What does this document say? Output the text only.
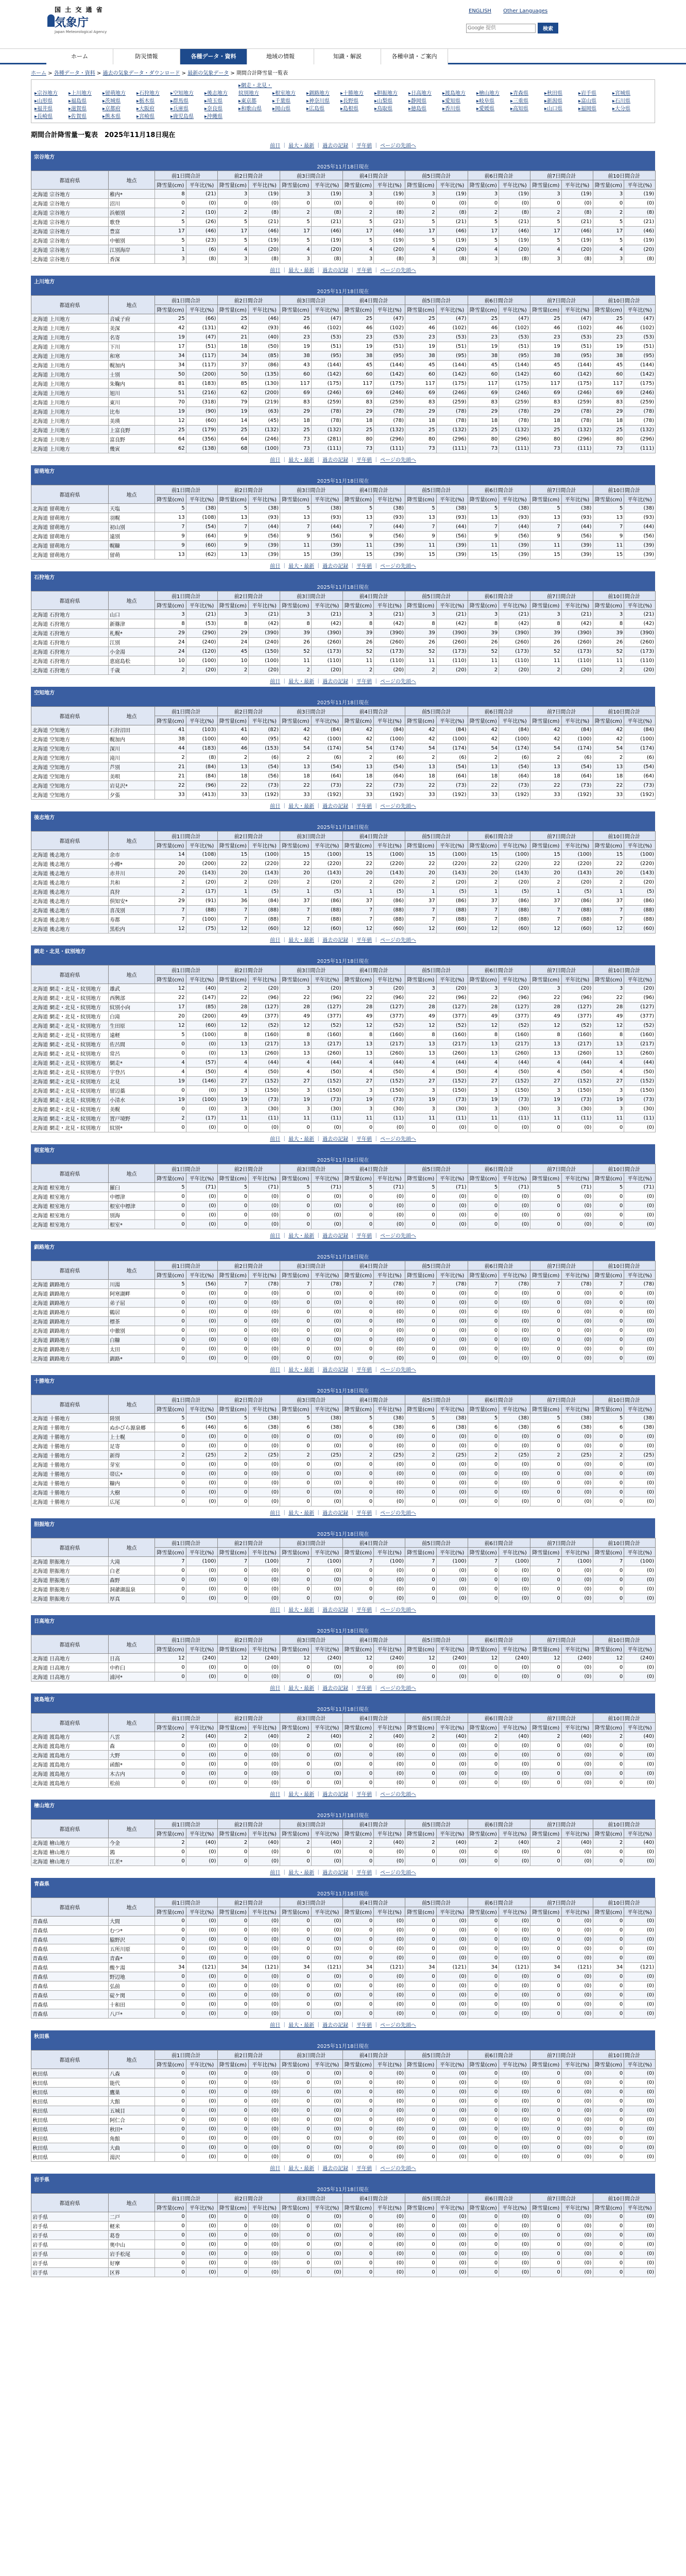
国 土 交 通 省
気象庁
Japan Meteorological Agency
ENGLISH Other Languages
Google 提供
検索
ホーム	防災情報	各種データ・資料	地域の情報	知識・解説	各種申請・ご案内
ホーム > 各種データ・資料 > 過去の気象データ・ダウンロード > 最新の気象データ > 期間合計降雪量一覧表
▸宗谷地方 ▸上川地方 ▸留萌地方 ▸石狩地方 ▸空知地方 ▸後志地方▸網走・北見・紋別地方	▸根室地方 ▸釧路地方 ▸十勝地方 ▸胆振地方 ▸日高地方 ▸渡島地方 ▸檜山地方 ▸青森県	▸秋田県	▸岩手県	▸宮城県▸山形県	▸福島県	▸茨城県	▸栃木県	▸群馬県	▸埼玉県	▸東京都	▸千葉県	▸神奈川県 ▸長野県	▸山梨県	▸静岡県	▸愛知県	▸岐阜県	▸三重県	▸新潟県	▸富山県	▸石川県▸福井県	▸滋賀県	▸京都府	▸大阪府	▸兵庫県	▸奈良県	▸和歌山県 ▸岡山県	▸広島県	▸島根県	▸鳥取県	▸徳島県	▸香川県	▸愛媛県	▸高知県	▸山口県	▸福岡県	▸大分県▸長崎県	▸佐賀県	▸熊本県	▸宮崎県	▸鹿児島県 ▸沖縄県
期間合計降雪量一覧表　2025年11月18日現在
前日 ｜ 最大・最新 ｜ 過去の記録 ｜ 平年値 ｜ ページの先頭へ
宗谷地方
2025年11月18日現在
都道府県	地点	前1日間合計		前2日間合計		前3日間合計		前4日間合計		前5日間合計		前6日間合計		前7日間合計		前10日間合計	
		降雪量(cm)	平年比(%)	降雪量(cm)	平年比(%)	降雪量(cm)	平年比(%)	降雪量(cm)	平年比(%)	降雪量(cm)	平年比(%)	降雪量(cm)	平年比(%)	降雪量(cm)	平年比(%)	降雪量(cm)	平年比(%)
北海道 宗谷地方	稚内*	8	(21)	3	(19)	3	(19)	3	(19)	3	(19)	3	(19)	3	(19)	3	(19)
北海道 宗谷地方	沼川	0	(0)	0	(0)	0	(0)	0	(0)	0	(0)	0	(0)	0	(0)	0	(0)
北海道 宗谷地方	浜頓別	2	(10)	2	(8)	2	(8)	2	(8)	2	(8)	2	(8)	2	(8)	2	(8)
北海道 宗谷地方	歌登	5	(26)	5	(21)	5	(21)	5	(21)	5	(21)	5	(21)	5	(21)	5	(21)
北海道 宗谷地方	豊富	17	(46)	17	(46)	17	(46)	17	(46)	17	(46)	17	(46)	17	(46)	17	(46)
北海道 宗谷地方	中頓別	5	(23)	5	(19)	5	(19)	5	(19)	5	(19)	5	(19)	5	(19)	5	(19)
北海道 宗谷地方	江別海岸	1	(6)	4	(20)	4	(20)	4	(20)	4	(20)	4	(20)	4	(20)	4	(20)
北海道 宗谷地方	香深	3	(8)	3	(8)	3	(8)	3	(8)	3	(8)	3	(8)	3	(8)	3	(8)
前日 ｜ 最大・最新 ｜ 過去の記録 ｜ 平年値 ｜ ページの先頭へ
上川地方
2025年11月18日現在
都道府県	地点	前1日間合計		前2日間合計		前3日間合計		前4日間合計		前5日間合計		前6日間合計		前7日間合計		前10日間合計	
		降雪量(cm)	平年比(%)	降雪量(cm)	平年比(%)	降雪量(cm)	平年比(%)	降雪量(cm)	平年比(%)	降雪量(cm)	平年比(%)	降雪量(cm)	平年比(%)	降雪量(cm)	平年比(%)	降雪量(cm)	平年比(%)
北海道 上川地方	音威子府	25	(66)	25	(46)	25	(47)	25	(47)	25	(47)	25	(47)	25	(47)	25	(47)
北海道 上川地方	美深	42	(131)	42	(93)	46	(102)	46	(102)	46	(102)	46	(102)	46	(102)	46	(102)
北海道 上川地方	名寄	19	(47)	21	(40)	23	(53)	23	(53)	23	(53)	23	(53)	23	(53)	23	(53)
北海道 上川地方	下川	17	(51)	18	(50)	19	(51)	19	(51)	19	(51)	19	(51)	19	(51)	19	(51)
北海道 上川地方	和寒	34	(117)	34	(85)	38	(95)	38	(95)	38	(95)	38	(95)	38	(95)	38	(95)
北海道 上川地方	幌加内	34	(117)	37	(86)	43	(144)	45	(144)	45	(144)	45	(144)	45	(144)	45	(144)
北海道 上川地方	士別	50	(200)	50	(135)	60	(142)	60	(142)	60	(142)	60	(142)	60	(142)	60	(142)
北海道 上川地方	朱鞠内	81	(183)	85	(130)	117	(175)	117	(175)	117	(175)	117	(175)	117	(175)	117	(175)
北海道 上川地方	旭川	51	(216)	62	(200)	69	(246)	69	(246)	69	(246)	69	(246)	69	(246)	69	(246)
北海道 上川地方	東川	70	(318)	79	(219)	83	(259)	83	(259)	83	(259)	83	(259)	83	(259)	83	(259)
北海道 上川地方	比布	19	(90)	19	(63)	29	(78)	29	(78)	29	(78)	29	(78)	29	(78)	29	(78)
北海道 上川地方	美瑛	12	(60)	14	(45)	18	(78)	18	(78)	18	(78)	18	(78)	18	(78)	18	(78)
北海道 上川地方	上富良野	25	(179)	25	(132)	25	(132)	25	(132)	25	(132)	25	(132)	25	(132)	25	(132)
北海道 上川地方	富良野	64	(356)	64	(246)	73	(281)	80	(296)	80	(296)	80	(296)	80	(296)	80	(296)
北海道 上川地方	幾寅	62	(138)	68	(100)	73	(111)	73	(111)	73	(111)	73	(111)	73	(111)	73	(111)
前日 ｜ 最大・最新 ｜ 過去の記録 ｜ 平年値 ｜ ページの先頭へ
留萌地方
2025年11月18日現在
都道府県	地点	前1日間合計		前2日間合計		前3日間合計		前4日間合計		前5日間合計		前6日間合計		前7日間合計		前10日間合計	
		降雪量(cm)	平年比(%)	降雪量(cm)	平年比(%)	降雪量(cm)	平年比(%)	降雪量(cm)	平年比(%)	降雪量(cm)	平年比(%)	降雪量(cm)	平年比(%)	降雪量(cm)	平年比(%)	降雪量(cm)	平年比(%)
北海道 留萌地方	天塩	5	(38)	5	(38)	5	(38)	5	(38)	5	(38)	5	(38)	5	(38)	5	(38)
北海道 留萌地方	羽幌	13	(108)	13	(93)	13	(93)	13	(93)	13	(93)	13	(93)	13	(93)	13	(93)
北海道 留萌地方	初山別	7	(54)	7	(44)	7	(44)	7	(44)	7	(44)	7	(44)	7	(44)	7	(44)
北海道 留萌地方	遠別	9	(64)	9	(56)	9	(56)	9	(56)	9	(56)	9	(56)	9	(56)	9	(56)
北海道 留萌地方	幌糠	9	(60)	9	(39)	11	(39)	11	(39)	11	(39)	11	(39)	11	(39)	11	(39)
北海道 留萌地方	留萌	13	(62)	13	(39)	15	(39)	15	(39)	15	(39)	15	(39)	15	(39)	15	(39)
前日 ｜ 最大・最新 ｜ 過去の記録 ｜ 平年値 ｜ ページの先頭へ
石狩地方
2025年11月18日現在
都道府県	地点	前1日間合計		前2日間合計		前3日間合計		前4日間合計		前5日間合計		前6日間合計		前7日間合計		前10日間合計	
		降雪量(cm)	平年比(%)	降雪量(cm)	平年比(%)	降雪量(cm)	平年比(%)	降雪量(cm)	平年比(%)	降雪量(cm)	平年比(%)	降雪量(cm)	平年比(%)	降雪量(cm)	平年比(%)	降雪量(cm)	平年比(%)
北海道 石狩地方	山口	3	(21)	3	(21)	3	(21)	3	(21)	3	(21)	3	(21)	3	(21)	3	(21)
北海道 石狩地方	新篠津	8	(53)	8	(42)	8	(42)	8	(42)	8	(42)	8	(42)	8	(42)	8	(42)
北海道 石狩地方	札幌*	29	(290)	29	(390)	39	(390)	39	(390)	39	(390)	39	(390)	39	(390)	39	(390)
北海道 石狩地方	江別	24	(240)	24	(240)	26	(260)	26	(260)	26	(260)	26	(260)	26	(260)	26	(260)
北海道 石狩地方	小金湯	24	(120)	45	(150)	52	(173)	52	(173)	52	(173)	52	(173)	52	(173)	52	(173)
北海道 石狩地方	恵庭島松	10	(100)	10	(100)	11	(110)	11	(110)	11	(110)	11	(110)	11	(110)	11	(110)
北海道 石狩地方	千歳	2	(20)	2	(20)	2	(20)	2	(20)	2	(20)	2	(20)	2	(20)	2	(20)
前日 ｜ 最大・最新 ｜ 過去の記録 ｜ 平年値 ｜ ページの先頭へ
空知地方
2025年11月18日現在
都道府県	地点	前1日間合計		前2日間合計		前3日間合計		前4日間合計		前5日間合計		前6日間合計		前7日間合計		前10日間合計	
		降雪量(cm)	平年比(%)	降雪量(cm)	平年比(%)	降雪量(cm)	平年比(%)	降雪量(cm)	平年比(%)	降雪量(cm)	平年比(%)	降雪量(cm)	平年比(%)	降雪量(cm)	平年比(%)	降雪量(cm)	平年比(%)
北海道 空知地方	石狩沼田	41	(103)	41	(82)	42	(84)	42	(84)	42	(84)	42	(84)	42	(84)	42	(84)
北海道 空知地方	幌加内	38	(100)	40	(95)	42	(100)	42	(100)	42	(100)	42	(100)	42	(100)	42	(100)
北海道 空知地方	深川	44	(183)	46	(153)	54	(174)	54	(174)	54	(174)	54	(174)	54	(174)	54	(174)
北海道 空知地方	滝川	2	(8)	2	(6)	2	(6)	2	(6)	2	(6)	2	(6)	2	(6)	2	(6)
北海道 空知地方	芦別	21	(84)	13	(54)	13	(54)	13	(54)	13	(54)	13	(54)	13	(54)	13	(54)
北海道 空知地方	美唄	21	(84)	18	(56)	18	(64)	18	(64)	18	(64)	18	(64)	18	(64)	18	(64)
北海道 空知地方	岩見沢*	22	(96)	22	(73)	22	(73)	22	(73)	22	(73)	22	(73)	22	(73)	22	(73)
北海道 空知地方	夕張	33	(413)	33	(192)	33	(192)	33	(192)	33	(192)	33	(192)	33	(192)	33	(192)
前日 ｜ 最大・最新 ｜ 過去の記録 ｜ 平年値 ｜ ページの先頭へ
後志地方
2025年11月18日現在
都道府県	地点	前1日間合計		前2日間合計		前3日間合計		前4日間合計		前5日間合計		前6日間合計		前7日間合計		前10日間合計	
		降雪量(cm)	平年比(%)	降雪量(cm)	平年比(%)	降雪量(cm)	平年比(%)	降雪量(cm)	平年比(%)	降雪量(cm)	平年比(%)	降雪量(cm)	平年比(%)	降雪量(cm)	平年比(%)	降雪量(cm)	平年比(%)
北海道 後志地方	余市	14	(108)	15	(100)	15	(100)	15	(100)	15	(100)	15	(100)	15	(100)	15	(100)
北海道 後志地方	小樽*	20	(200)	22	(220)	22	(220)	22	(220)	22	(220)	22	(220)	22	(220)	22	(220)
北海道 後志地方	赤井川	20	(143)	20	(143)	20	(143)	20	(143)	20	(143)	20	(143)	20	(143)	20	(143)
北海道 後志地方	共和	2	(20)	2	(20)	2	(20)	2	(20)	2	(20)	2	(20)	2	(20)	2	(20)
北海道 後志地方	真狩	2	(17)	1	(5)	1	(5)	1	(5)	1	(5)	1	(5)	1	(5)	1	(5)
北海道 後志地方	倶知安*	29	(91)	36	(84)	37	(86)	37	(86)	37	(86)	37	(86)	37	(86)	37	(86)
北海道 後志地方	喜茂別	7	(88)	7	(88)	7	(88)	7	(88)	7	(88)	7	(88)	7	(88)	7	(88)
北海道 後志地方	寿都	7	(100)	7	(88)	7	(88)	7	(88)	7	(88)	7	(88)	7	(88)	7	(88)
北海道 後志地方	黒松内	12	(75)	12	(60)	12	(60)	12	(60)	12	(60)	12	(60)	12	(60)	12	(60)
前日 ｜ 最大・最新 ｜ 過去の記録 ｜ 平年値 ｜ ページの先頭へ
網走・北見・紋別地方
2025年11月18日現在
都道府県	地点	前1日間合計		前2日間合計		前3日間合計		前4日間合計		前5日間合計		前6日間合計		前7日間合計		前10日間合計	
		降雪量(cm)	平年比(%)	降雪量(cm)	平年比(%)	降雪量(cm)	平年比(%)	降雪量(cm)	平年比(%)	降雪量(cm)	平年比(%)	降雪量(cm)	平年比(%)	降雪量(cm)	平年比(%)	降雪量(cm)	平年比(%)
北海道 網走・北見・紋別地方	雄武	12	(40)	2	(20)	3	(20)	3	(20)	3	(20)	3	(20)	3	(20)	3	(20)
北海道 網走・北見・紋別地方	西興部	22	(147)	22	(96)	22	(96)	22	(96)	22	(96)	22	(96)	22	(96)	22	(96)
北海道 網走・北見・紋別地方	紋別小向	17	(85)	28	(127)	28	(127)	28	(127)	28	(127)	28	(127)	28	(127)	28	(127)
北海道 網走・北見・紋別地方	白滝	20	(200)	49	(377)	49	(377)	49	(377)	49	(377)	49	(377)	49	(377)	49	(377)
北海道 網走・北見・紋別地方	生田原	12	(60)	12	(52)	12	(52)	12	(52)	12	(52)	12	(52)	12	(52)	12	(52)
北海道 網走・北見・紋別地方	遠軽	5	(100)	8	(160)	8	(160)	8	(160)	8	(160)	8	(160)	8	(160)	8	(160)
北海道 網走・北見・紋別地方	佐呂間	0	(0)	13	(217)	13	(217)	13	(217)	13	(217)	13	(217)	13	(217)	13	(217)
北海道 網走・北見・紋別地方	常呂	0	(0)	13	(260)	13	(260)	13	(260)	13	(260)	13	(260)	13	(260)	13	(260)
北海道 網走・北見・紋別地方	網走*	4	(57)	4	(44)	4	(44)	4	(44)	4	(44)	4	(44)	4	(44)	4	(44)
北海道 網走・北見・紋別地方	宇登呂	4	(50)	4	(50)	4	(50)	4	(50)	4	(50)	4	(50)	4	(50)	4	(50)
北海道 網走・北見・紋別地方	北見	19	(146)	27	(152)	27	(152)	27	(152)	27	(152)	27	(152)	27	(152)	27	(152)
北海道 網走・北見・紋別地方	留辺蘂	0	(0)	3	(150)	3	(150)	3	(150)	3	(150)	3	(150)	3	(150)	3	(150)
北海道 網走・北見・紋別地方	小清水	19	(100)	19	(73)	19	(73)	19	(73)	19	(73)	19	(73)	19	(73)	19	(73)
北海道 網走・北見・紋別地方	美幌	0	(0)	3	(30)	3	(30)	3	(30)	3	(30)	3	(30)	3	(30)	3	(30)
北海道 網走・北見・紋別地方	置戸境野	2	(17)	11	(11)	11	(11)	11	(11)	11	(11)	11	(11)	11	(11)	11	(11)
北海道 網走・北見・紋別地方	紋別*	0	(0)	0	(0)	0	(0)	0	(0)	0	(0)	0	(0)	0	(0)	0	(0)
前日 ｜ 最大・最新 ｜ 過去の記録 ｜ 平年値 ｜ ページの先頭へ
根室地方
2025年11月18日現在
都道府県	地点	前1日間合計		前2日間合計		前3日間合計		前4日間合計		前5日間合計		前6日間合計		前7日間合計		前10日間合計	
		降雪量(cm)	平年比(%)	降雪量(cm)	平年比(%)	降雪量(cm)	平年比(%)	降雪量(cm)	平年比(%)	降雪量(cm)	平年比(%)	降雪量(cm)	平年比(%)	降雪量(cm)	平年比(%)	降雪量(cm)	平年比(%)
北海道 根室地方	羅臼	5	(71)	5	(71)	5	(71)	5	(71)	5	(71)	5	(71)	5	(71)	5	(71)
北海道 根室地方	中標津	0	(0)	0	(0)	0	(0)	0	(0)	0	(0)	0	(0)	0	(0)	0	(0)
北海道 根室地方	根室中標津	0	(0)	0	(0)	0	(0)	0	(0)	0	(0)	0	(0)	0	(0)	0	(0)
北海道 根室地方	別海	0	(0)	0	(0)	0	(0)	0	(0)	0	(0)	0	(0)	0	(0)	0	(0)
北海道 根室地方	根室*	0	(0)	0	(0)	0	(0)	0	(0)	0	(0)	0	(0)	0	(0)	0	(0)
前日 ｜ 最大・最新 ｜ 過去の記録 ｜ 平年値 ｜ ページの先頭へ
釧路地方
2025年11月18日現在
都道府県	地点	前1日間合計		前2日間合計		前3日間合計		前4日間合計		前5日間合計		前6日間合計		前7日間合計		前10日間合計	
		降雪量(cm)	平年比(%)	降雪量(cm)	平年比(%)	降雪量(cm)	平年比(%)	降雪量(cm)	平年比(%)	降雪量(cm)	平年比(%)	降雪量(cm)	平年比(%)	降雪量(cm)	平年比(%)	降雪量(cm)	平年比(%)
北海道 釧路地方	川湯	5	(56)	7	(78)	7	(78)	7	(78)	7	(78)	7	(78)	7	(78)	7	(78)
北海道 釧路地方	阿寒湖畔	0	(0)	0	(0)	0	(0)	0	(0)	0	(0)	0	(0)	0	(0)	0	(0)
北海道 釧路地方	弟子屈	0	(0)	0	(0)	0	(0)	0	(0)	0	(0)	0	(0)	0	(0)	0	(0)
北海道 釧路地方	鶴居	0	(0)	0	(0)	0	(0)	0	(0)	0	(0)	0	(0)	0	(0)	0	(0)
北海道 釧路地方	標茶	0	(0)	0	(0)	0	(0)	0	(0)	0	(0)	0	(0)	0	(0)	0	(0)
北海道 釧路地方	中徹別	0	(0)	0	(0)	0	(0)	0	(0)	0	(0)	0	(0)	0	(0)	0	(0)
北海道 釧路地方	白糠	0	(0)	0	(0)	0	(0)	0	(0)	0	(0)	0	(0)	0	(0)	0	(0)
北海道 釧路地方	太田	0	(0)	0	(0)	0	(0)	0	(0)	0	(0)	0	(0)	0	(0)	0	(0)
北海道 釧路地方	釧路*	0	(0)	0	(0)	0	(0)	0	(0)	0	(0)	0	(0)	0	(0)	0	(0)
前日 ｜ 最大・最新 ｜ 過去の記録 ｜ 平年値 ｜ ページの先頭へ
十勝地方
2025年11月18日現在
都道府県	地点	前1日間合計		前2日間合計		前3日間合計		前4日間合計		前5日間合計		前6日間合計		前7日間合計		前10日間合計	
		降雪量(cm)	平年比(%)	降雪量(cm)	平年比(%)	降雪量(cm)	平年比(%)	降雪量(cm)	平年比(%)	降雪量(cm)	平年比(%)	降雪量(cm)	平年比(%)	降雪量(cm)	平年比(%)	降雪量(cm)	平年比(%)
北海道 十勝地方	陸別	5	(50)	5	(38)	5	(38)	5	(38)	5	(38)	5	(38)	5	(38)	5	(38)
北海道 十勝地方	ぬかびら源泉郷	6	(46)	6	(38)	6	(38)	6	(38)	6	(38)	6	(38)	6	(38)	6	(38)
北海道 十勝地方	上士幌	0	(0)	0	(0)	0	(0)	0	(0)	0	(0)	0	(0)	0	(0)	0	(0)
北海道 十勝地方	足寄	0	(0)	0	(0)	0	(0)	0	(0)	0	(0)	0	(0)	0	(0)	0	(0)
北海道 十勝地方	新得	2	(25)	2	(25)	2	(25)	2	(25)	2	(25)	2	(25)	2	(25)	2	(25)
北海道 十勝地方	芽室	0	(0)	0	(0)	0	(0)	0	(0)	0	(0)	0	(0)	0	(0)	0	(0)
北海道 十勝地方	帯広*	0	(0)	0	(0)	0	(0)	0	(0)	0	(0)	0	(0)	0	(0)	0	(0)
北海道 十勝地方	糠内	0	(0)	0	(0)	0	(0)	0	(0)	0	(0)	0	(0)	0	(0)	0	(0)
北海道 十勝地方	大樹	0	(0)	0	(0)	0	(0)	0	(0)	0	(0)	0	(0)	0	(0)	0	(0)
北海道 十勝地方	広尾	0	(0)	0	(0)	0	(0)	0	(0)	0	(0)	0	(0)	0	(0)	0	(0)
前日 ｜ 最大・最新 ｜ 過去の記録 ｜ 平年値 ｜ ページの先頭へ
胆振地方
2025年11月18日現在
都道府県	地点	前1日間合計		前2日間合計		前3日間合計		前4日間合計		前5日間合計		前6日間合計		前7日間合計		前10日間合計	
		降雪量(cm)	平年比(%)	降雪量(cm)	平年比(%)	降雪量(cm)	平年比(%)	降雪量(cm)	平年比(%)	降雪量(cm)	平年比(%)	降雪量(cm)	平年比(%)	降雪量(cm)	平年比(%)	降雪量(cm)	平年比(%)
北海道 胆振地方	大滝	7	(100)	7	(100)	7	(100)	7	(100)	7	(100)	7	(100)	7	(100)	7	(100)
北海道 胆振地方	白老	0	(0)	0	(0)	0	(0)	0	(0)	0	(0)	0	(0)	0	(0)	0	(0)
北海道 胆振地方	森野	0	(0)	0	(0)	0	(0)	0	(0)	0	(0)	0	(0)	0	(0)	0	(0)
北海道 胆振地方	洞爺湖温泉	0	(0)	0	(0)	0	(0)	0	(0)	0	(0)	0	(0)	0	(0)	0	(0)
北海道 胆振地方	厚真	0	(0)	0	(0)	0	(0)	0	(0)	0	(0)	0	(0)	0	(0)	0	(0)
前日 ｜ 最大・最新 ｜ 過去の記録 ｜ 平年値 ｜ ページの先頭へ
日高地方
2025年11月18日現在
都道府県	地点	前1日間合計		前2日間合計		前3日間合計		前4日間合計		前5日間合計		前6日間合計		前7日間合計		前10日間合計	
		降雪量(cm)	平年比(%)	降雪量(cm)	平年比(%)	降雪量(cm)	平年比(%)	降雪量(cm)	平年比(%)	降雪量(cm)	平年比(%)	降雪量(cm)	平年比(%)	降雪量(cm)	平年比(%)	降雪量(cm)	平年比(%)
北海道 日高地方	日高	12	(240)	12	(240)	12	(240)	12	(240)	12	(240)	12	(240)	12	(240)	12	(240)
北海道 日高地方	中杵臼	0	(0)	0	(0)	0	(0)	0	(0)	0	(0)	0	(0)	0	(0)	0	(0)
北海道 日高地方	浦河*	0	(0)	0	(0)	0	(0)	0	(0)	0	(0)	0	(0)	0	(0)	0	(0)
前日 ｜ 最大・最新 ｜ 過去の記録 ｜ 平年値 ｜ ページの先頭へ
渡島地方
2025年11月18日現在
都道府県	地点	前1日間合計		前2日間合計		前3日間合計		前4日間合計		前5日間合計		前6日間合計		前7日間合計		前10日間合計	
		降雪量(cm)	平年比(%)	降雪量(cm)	平年比(%)	降雪量(cm)	平年比(%)	降雪量(cm)	平年比(%)	降雪量(cm)	平年比(%)	降雪量(cm)	平年比(%)	降雪量(cm)	平年比(%)	降雪量(cm)	平年比(%)
北海道 渡島地方	八雲	2	(40)	2	(40)	2	(40)	2	(40)	2	(40)	2	(40)	2	(40)	2	(40)
北海道 渡島地方	森	0	(0)	0	(0)	0	(0)	0	(0)	0	(0)	0	(0)	0	(0)	0	(0)
北海道 渡島地方	大野	0	(0)	0	(0)	0	(0)	0	(0)	0	(0)	0	(0)	0	(0)	0	(0)
北海道 渡島地方	函館*	0	(0)	0	(0)	0	(0)	0	(0)	0	(0)	0	(0)	0	(0)	0	(0)
北海道 渡島地方	木古内	0	(0)	0	(0)	0	(0)	0	(0)	0	(0)	0	(0)	0	(0)	0	(0)
北海道 渡島地方	松前	0	(0)	0	(0)	0	(0)	0	(0)	0	(0)	0	(0)	0	(0)	0	(0)
前日 ｜ 最大・最新 ｜ 過去の記録 ｜ 平年値 ｜ ページの先頭へ
檜山地方
2025年11月18日現在
都道府県	地点	前1日間合計		前2日間合計		前3日間合計		前4日間合計		前5日間合計		前6日間合計		前7日間合計		前10日間合計	
		降雪量(cm)	平年比(%)	降雪量(cm)	平年比(%)	降雪量(cm)	平年比(%)	降雪量(cm)	平年比(%)	降雪量(cm)	平年比(%)	降雪量(cm)	平年比(%)	降雪量(cm)	平年比(%)	降雪量(cm)	平年比(%)
北海道 檜山地方	今金	2	(40)	2	(40)	2	(40)	2	(40)	2	(40)	2	(40)	2	(40)	2	(40)
北海道 檜山地方	鶉	0	(0)	0	(0)	0	(0)	0	(0)	0	(0)	0	(0)	0	(0)	0	(0)
北海道 檜山地方	江差*	0	(0)	0	(0)	0	(0)	0	(0)	0	(0)	0	(0)	0	(0)	0	(0)
前日 ｜ 最大・最新 ｜ 過去の記録 ｜ 平年値 ｜ ページの先頭へ
青森県
2025年11月18日現在
都道府県	地点	前1日間合計		前2日間合計		前3日間合計		前4日間合計		前5日間合計		前6日間合計		前7日間合計		前10日間合計	
		降雪量(cm)	平年比(%)	降雪量(cm)	平年比(%)	降雪量(cm)	平年比(%)	降雪量(cm)	平年比(%)	降雪量(cm)	平年比(%)	降雪量(cm)	平年比(%)	降雪量(cm)	平年比(%)	降雪量(cm)	平年比(%)
青森県	大間	0	(0)	0	(0)	0	(0)	0	(0)	0	(0)	0	(0)	0	(0)	0	(0)
青森県	むつ*	0	(0)	0	(0)	0	(0)	0	(0)	0	(0)	0	(0)	0	(0)	0	(0)
青森県	脇野沢	0	(0)	0	(0)	0	(0)	0	(0)	0	(0)	0	(0)	0	(0)	0	(0)
青森県	五所川原	0	(0)	0	(0)	0	(0)	0	(0)	0	(0)	0	(0)	0	(0)	0	(0)
青森県	青森*	0	(0)	0	(0)	0	(0)	0	(0)	0	(0)	0	(0)	0	(0)	0	(0)
青森県	酸ケ湯	34	(121)	34	(121)	34	(121)	34	(121)	34	(121)	34	(121)	34	(121)	34	(121)
青森県	野辺地	0	(0)	0	(0)	0	(0)	0	(0)	0	(0)	0	(0)	0	(0)	0	(0)
青森県	弘前	0	(0)	0	(0)	0	(0)	0	(0)	0	(0)	0	(0)	0	(0)	0	(0)
青森県	碇ケ関	0	(0)	0	(0)	0	(0)	0	(0)	0	(0)	0	(0)	0	(0)	0	(0)
青森県	十和田	0	(0)	0	(0)	0	(0)	0	(0)	0	(0)	0	(0)	0	(0)	0	(0)
青森県	八戸*	0	(0)	0	(0)	0	(0)	0	(0)	0	(0)	0	(0)	0	(0)	0	(0)
前日 ｜ 最大・最新 ｜ 過去の記録 ｜ 平年値 ｜ ページの先頭へ
秋田県
2025年11月18日現在
都道府県	地点	前1日間合計		前2日間合計		前3日間合計		前4日間合計		前5日間合計		前6日間合計		前7日間合計		前10日間合計	
		降雪量(cm)	平年比(%)	降雪量(cm)	平年比(%)	降雪量(cm)	平年比(%)	降雪量(cm)	平年比(%)	降雪量(cm)	平年比(%)	降雪量(cm)	平年比(%)	降雪量(cm)	平年比(%)	降雪量(cm)	平年比(%)
秋田県	八森	0	(0)	0	(0)	0	(0)	0	(0)	0	(0)	0	(0)	0	(0)	0	(0)
秋田県	能代	0	(0)	0	(0)	0	(0)	0	(0)	0	(0)	0	(0)	0	(0)	0	(0)
秋田県	鷹巣	0	(0)	0	(0)	0	(0)	0	(0)	0	(0)	0	(0)	0	(0)	0	(0)
秋田県	大館	0	(0)	0	(0)	0	(0)	0	(0)	0	(0)	0	(0)	0	(0)	0	(0)
秋田県	五城目	0	(0)	0	(0)	0	(0)	0	(0)	0	(0)	0	(0)	0	(0)	0	(0)
秋田県	阿仁合	0	(0)	0	(0)	0	(0)	0	(0)	0	(0)	0	(0)	0	(0)	0	(0)
秋田県	秋田*	0	(0)	0	(0)	0	(0)	0	(0)	0	(0)	0	(0)	0	(0)	0	(0)
秋田県	角館	0	(0)	0	(0)	0	(0)	0	(0)	0	(0)	0	(0)	0	(0)	0	(0)
秋田県	大曲	0	(0)	0	(0)	0	(0)	0	(0)	0	(0)	0	(0)	0	(0)	0	(0)
秋田県	湯沢	0	(0)	0	(0)	0	(0)	0	(0)	0	(0)	0	(0)	0	(0)	0	(0)
前日 ｜ 最大・最新 ｜ 過去の記録 ｜ 平年値 ｜ ページの先頭へ
岩手県
2025年11月18日現在
都道府県	地点	前1日間合計		前2日間合計		前3日間合計		前4日間合計		前5日間合計		前6日間合計		前7日間合計		前10日間合計	
		降雪量(cm)	平年比(%)	降雪量(cm)	平年比(%)	降雪量(cm)	平年比(%)	降雪量(cm)	平年比(%)	降雪量(cm)	平年比(%)	降雪量(cm)	平年比(%)	降雪量(cm)	平年比(%)	降雪量(cm)	平年比(%)
岩手県	二戸	0	(0)	0	(0)	0	(0)	0	(0)	0	(0)	0	(0)	0	(0)	0	(0)
岩手県	軽米	0	(0)	0	(0)	0	(0)	0	(0)	0	(0)	0	(0)	0	(0)	0	(0)
岩手県	葛巻	0	(0)	0	(0)	0	(0)	0	(0)	0	(0)	0	(0)	0	(0)	0	(0)
岩手県	奥中山	0	(0)	0	(0)	0	(0)	0	(0)	0	(0)	0	(0)	0	(0)	0	(0)
岩手県	岩手松尾	0	(0)	0	(0)	0	(0)	0	(0)	0	(0)	0	(0)	0	(0)	0	(0)
岩手県	好摩	0	(0)	0	(0)	0	(0)	0	(0)	0	(0)	0	(0)	0	(0)	0	(0)
岩手県	区界	0	(0)	0	(0)	0	(0)	0	(0)	0	(0)	0	(0)	0	(0)	0	(0)
